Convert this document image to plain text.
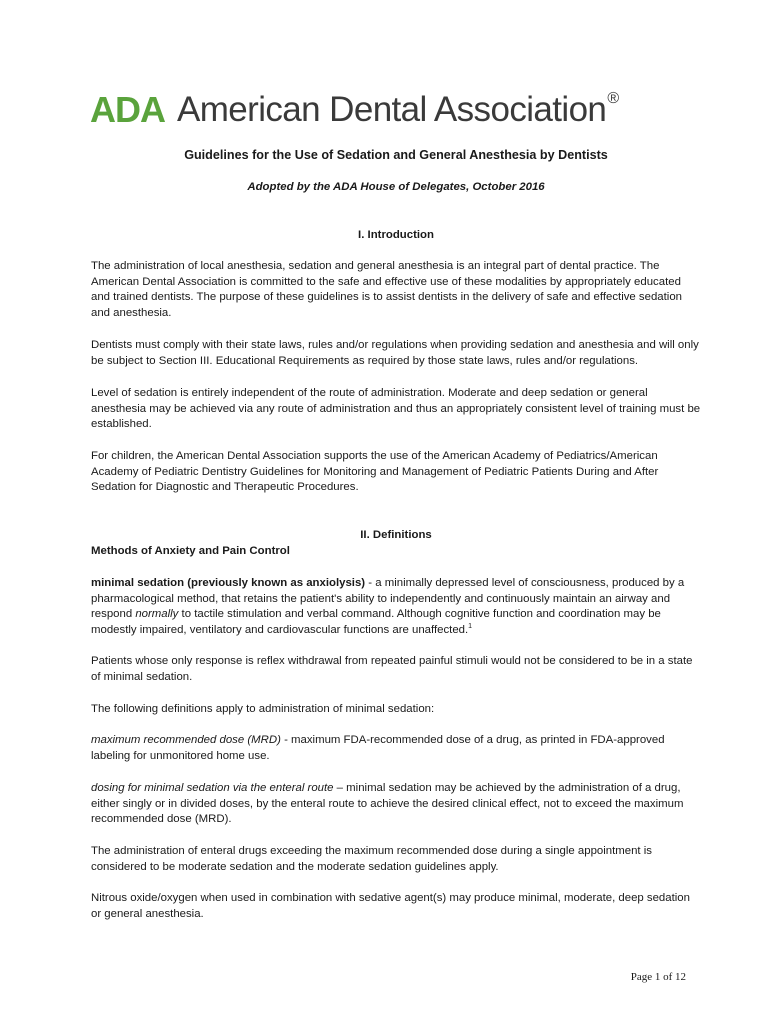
ADA American Dental Association®
Guidelines for the Use of Sedation and General Anesthesia by Dentists
Adopted by the ADA House of Delegates, October 2016
I. Introduction
The administration of local anesthesia, sedation and general anesthesia is an integral part of dental practice. The American Dental Association is committed to the safe and effective use of these modalities by appropriately educated and trained dentists. The purpose of these guidelines is to assist dentists in the delivery of safe and effective sedation and anesthesia.
Dentists must comply with their state laws, rules and/or regulations when providing sedation and anesthesia and will only be subject to Section III. Educational Requirements as required by those state laws, rules and/or regulations.
Level of sedation is entirely independent of the route of administration. Moderate and deep sedation or general anesthesia may be achieved via any route of administration and thus an appropriately consistent level of training must be established.
For children, the American Dental Association supports the use of the American Academy of Pediatrics/American Academy of Pediatric Dentistry Guidelines for Monitoring and Management of Pediatric Patients During and After Sedation for Diagnostic and Therapeutic Procedures.
II. Definitions
Methods of Anxiety and Pain Control
minimal sedation (previously known as anxiolysis) - a minimally depressed level of consciousness, produced by a pharmacological method, that retains the patient's ability to independently and continuously maintain an airway and respond normally to tactile stimulation and verbal command. Although cognitive function and coordination may be modestly impaired, ventilatory and cardiovascular functions are unaffected.$^1$
Patients whose only response is reflex withdrawal from repeated painful stimuli would not be considered to be in a state of minimal sedation.
The following definitions apply to administration of minimal sedation:
maximum recommended dose (MRD) - maximum FDA-recommended dose of a drug, as printed in FDA-approved labeling for unmonitored home use.
dosing for minimal sedation via the enteral route – minimal sedation may be achieved by the administration of a drug, either singly or in divided doses, by the enteral route to achieve the desired clinical effect, not to exceed the maximum recommended dose (MRD).
The administration of enteral drugs exceeding the maximum recommended dose during a single appointment is considered to be moderate sedation and the moderate sedation guidelines apply.
Nitrous oxide/oxygen when used in combination with sedative agent(s) may produce minimal, moderate, deep sedation or general anesthesia.
Page 1 of 12
